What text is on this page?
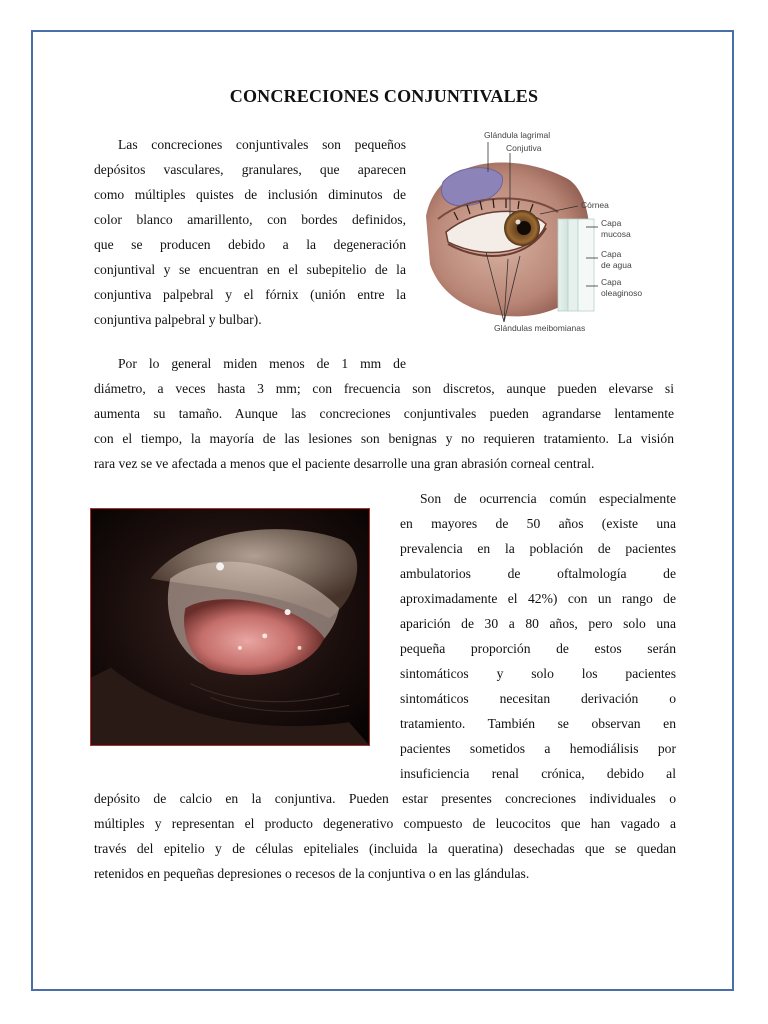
CONCRECIONES CONJUNTIVALES

Las concreciones conjuntivales son pequeños
depósitos vasculares, granulares, que aparecen
como múltiples quistes de inclusión diminutos de
color blanco amarillento, con bordes definidos,
que se producen debido a la degeneración
conjuntival y se encuentran en el subepitelio de la
conjuntiva palpebral y el fórnix (unión entre la
conjuntiva palpebral y bulbar).

Glándula lagrimal
Conjutiva
Córnea
Capa
mucosa
Capa
de agua
Capa
oleaginoso
Glándulas meibomianas

Por lo general miden menos de 1 mm de

diámetro, a veces hasta 3 mm; con frecuencia son discretos, aunque pueden elevarse si
aumenta su tamaño. Aunque las concreciones conjuntivales pueden agrandarse lentamente
con el tiempo, la mayoría de las lesiones son benignas y no requieren tratamiento. La visión
rara vez se ve afectada a menos que el paciente desarrolle una gran abrasión corneal central.

Son de ocurrencia común especialmente
en mayores de 50 años (existe una
prevalencia en la población de pacientes
ambulatorios de oftalmología de
aproximadamente el 42%) con un rango de
aparición de 30 a 80 años, pero solo una
pequeña proporción de estos serán
sintomáticos y solo los pacientes
sintomáticos necesitan derivación o
tratamiento. También se observan en
pacientes sometidos a hemodiálisis por
insuficiencia renal crónica, debido al

depósito de calcio en la conjuntiva. Pueden estar presentes concreciones individuales o
múltiples y representan el producto degenerativo compuesto de leucocitos que han vagado a
través del epitelio y de células epiteliales (incluida la queratina) desechadas que se quedan
retenidos en pequeñas depresiones o recesos de la conjuntiva o en las glándulas.
